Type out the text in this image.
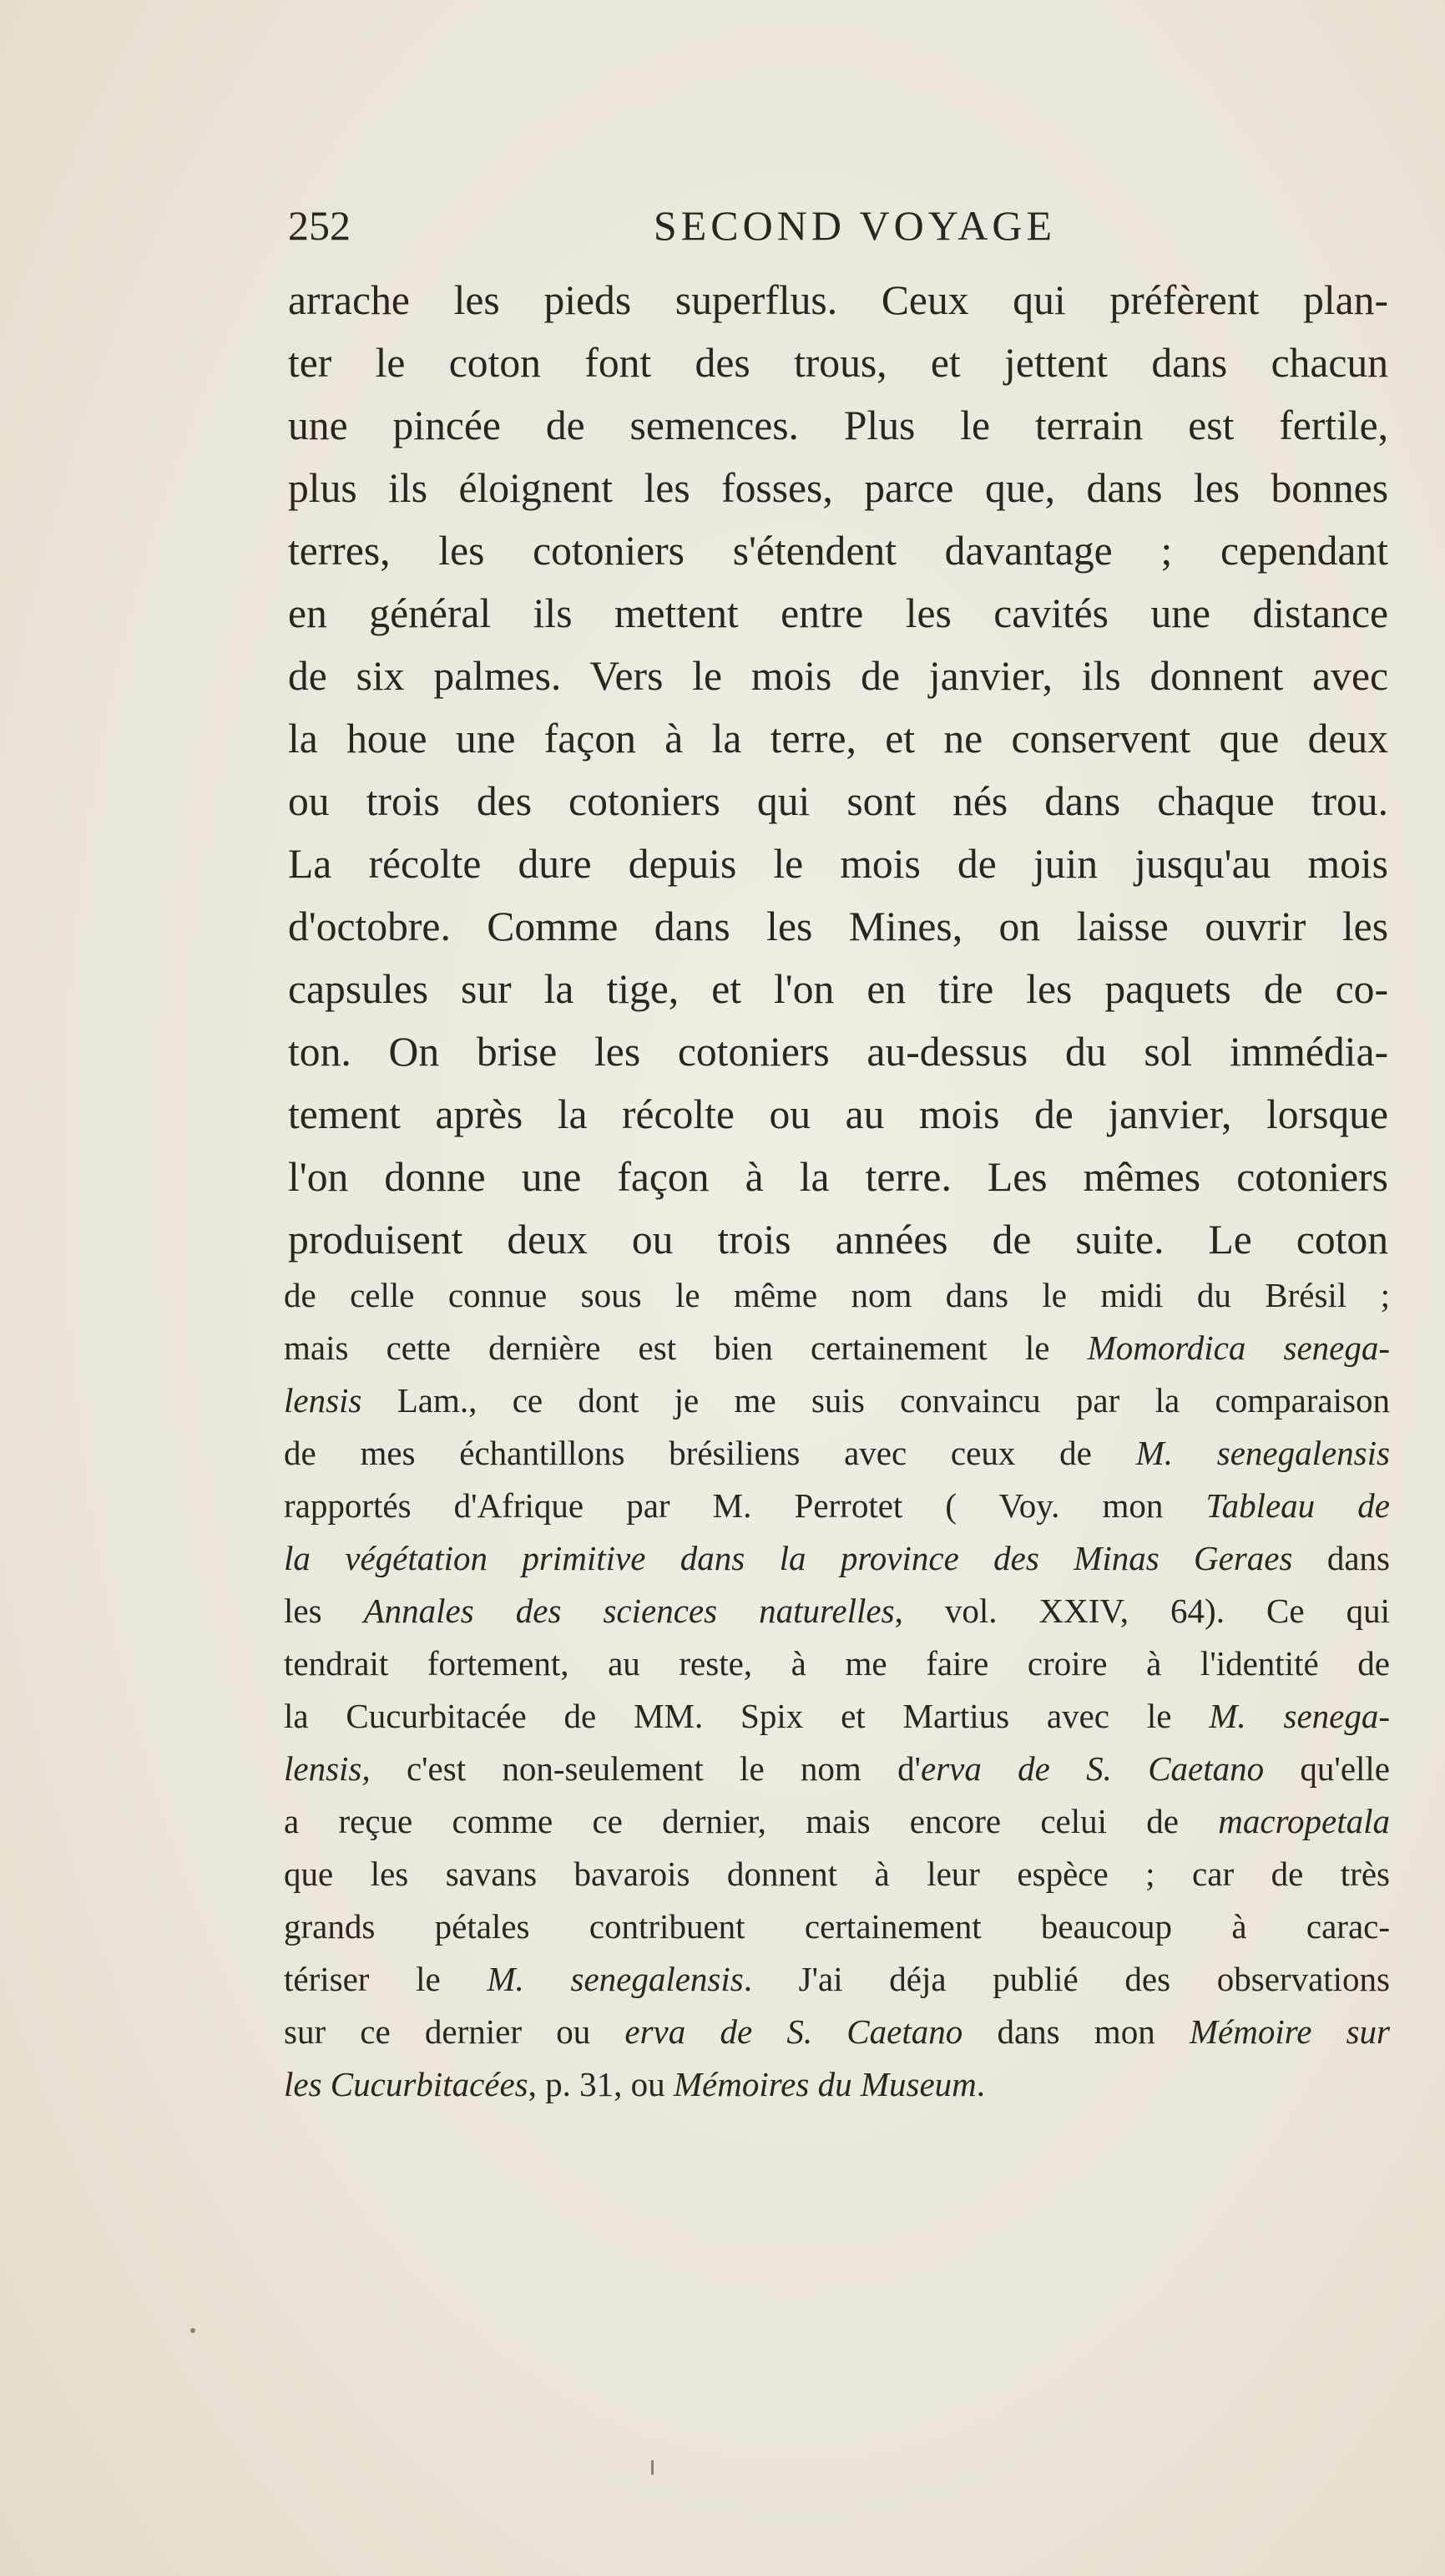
252	SECOND VOYAGE
arrache les pieds superflus. Ceux qui préfèrent plan-
ter le coton font des trous, et jettent dans chacun
une pincée de semences. Plus le terrain est fertile,
plus ils éloignent les fosses, parce que, dans les bonnes
terres, les cotoniers s'étendent davantage ; cependant
en général ils mettent entre les cavités une distance
de six palmes. Vers le mois de janvier, ils donnent avec
la houe une façon à la terre, et ne conservent que deux
ou trois des cotoniers qui sont nés dans chaque trou.
La récolte dure depuis le mois de juin jusqu'au mois
d'octobre. Comme dans les Mines, on laisse ouvrir les
capsules sur la tige, et l'on en tire les paquets de co-
ton. On brise les cotoniers au-dessus du sol immédia-
tement après la récolte ou au mois de janvier, lorsque
l'on donne une façon à la terre. Les mêmes cotoniers
produisent deux ou trois années de suite. Le coton
de celle connue sous le même nom dans le midi du Brésil ;
mais cette dernière est bien certainement le Momordica senega-
lensis Lam., ce dont je me suis convaincu par la comparaison
de mes échantillons brésiliens avec ceux de M. senegalensis
rapportés d'Afrique par M. Perrotet ( Voy. mon Tableau de
la végétation primitive dans la province des Minas Geraes dans
les Annales des sciences naturelles, vol. XXIV, 64). Ce qui
tendrait fortement, au reste, à me faire croire à l'identité de
la Cucurbitacée de MM. Spix et Martius avec le M. senega-
lensis, c'est non-seulement le nom d'erva de S. Caetano qu'elle
a reçue comme ce dernier, mais encore celui de macropetala
que les savans bavarois donnent à leur espèce ; car de très
grands pétales contribuent certainement beaucoup à carac-
tériser le M. senegalensis. J'ai déja publié des observations
sur ce dernier ou erva de S. Caetano dans mon Mémoire sur
les Cucurbitacées, p. 31, ou Mémoires du Museum.
